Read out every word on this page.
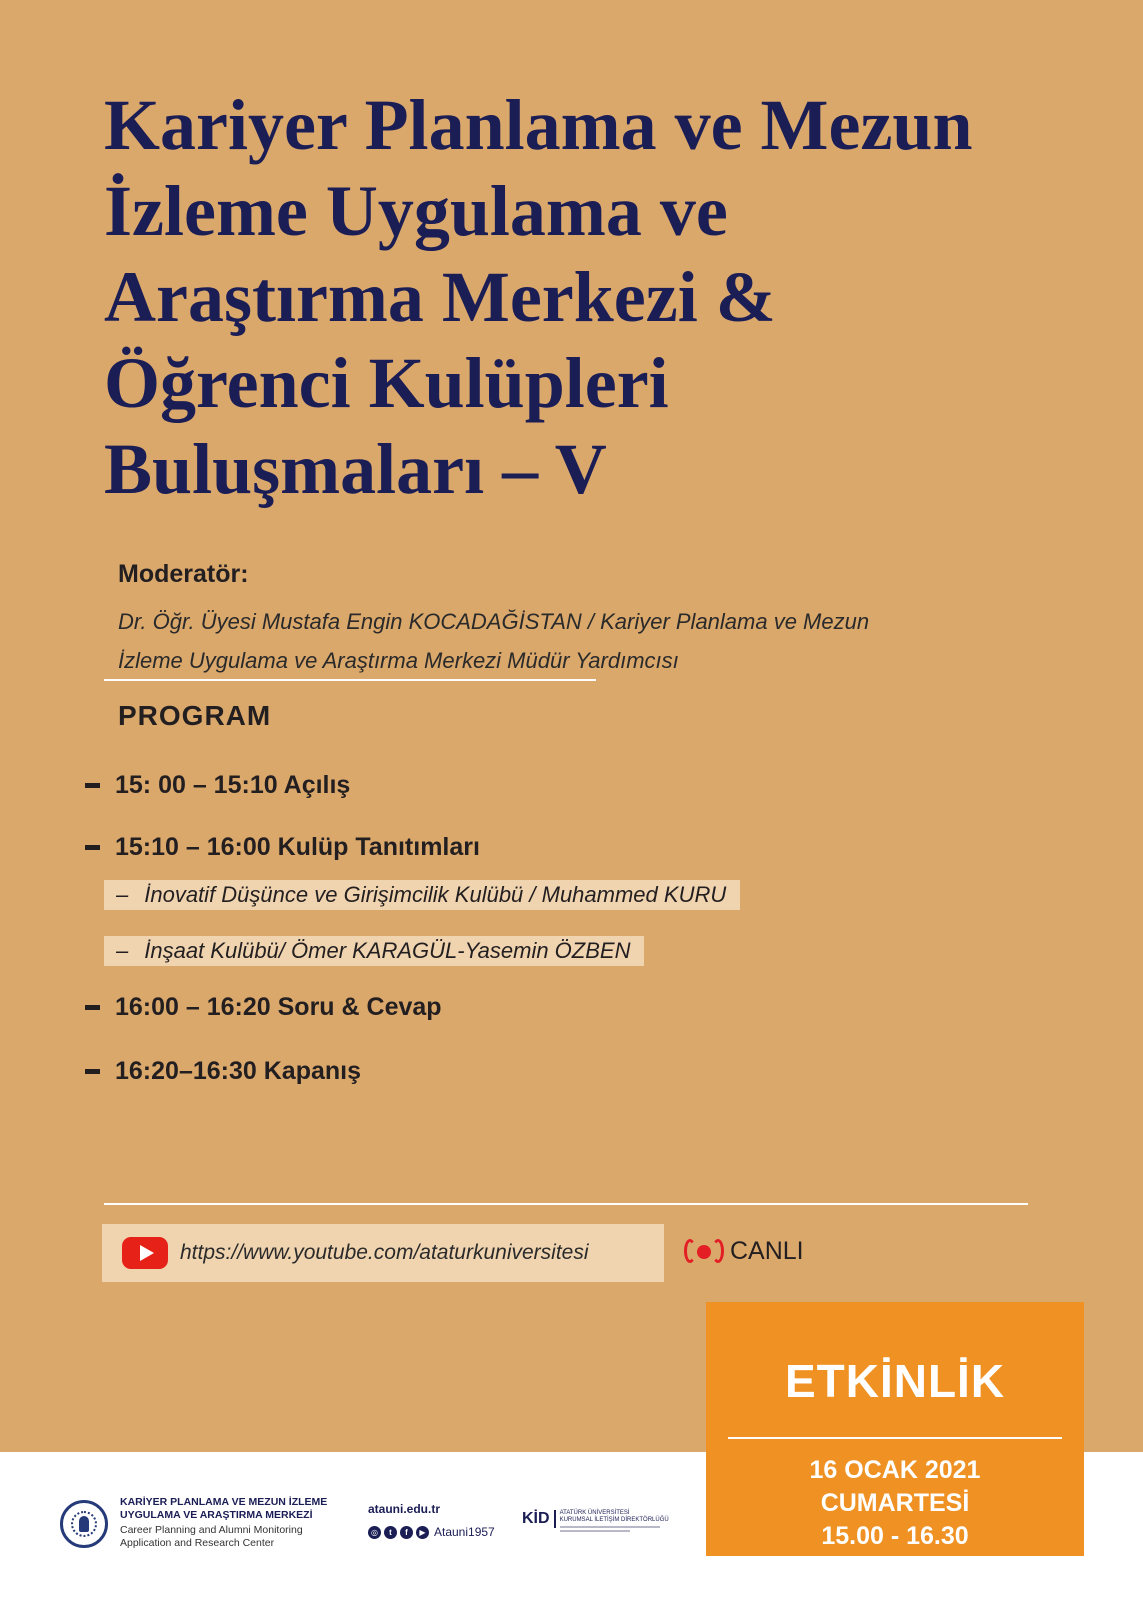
Kariyer Planlama ve Mezun
İzleme Uygulama ve
Araştırma Merkezi &
Öğrenci Kulüpleri
Buluşmaları – V
Moderatör:
Dr. Öğr. Üyesi Mustafa Engin KOCADAĞİSTAN / Kariyer Planlama ve Mezun
İzleme Uygulama ve Araştırma Merkezi Müdür Yardımcısı
PROGRAM
15: 00 – 15:10 Açılış
15:10 – 16:00 Kulüp Tanıtımları
– İnovatif Düşünce ve Girişimcilik Kulübü / Muhammed KURU
– İnşaat Kulübü/ Ömer KARAGÜL-Yasemin ÖZBEN
16:00 – 16:20 Soru & Cevap
16:20–16:30 Kapanış
https://www.youtube.com/ataturkuniversitesi	CANLI
KARİYER PLANLAMA VE MEZUN İZLEME
UYGULAMA VE ARAŞTIRMA MERKEZİ
Career Planning and Alumni Monitoring
Application and Research Center
atauni.edu.tr
◎	t	f	▶ Atauni1957
KİD	ATATÜRK ÜNİVERSİTESİ
KURUMSAL İLETİŞİM DİREKTÖRLÜĞÜ
ETKİNLİK
16 OCAK 2021
CUMARTESİ
15.00 - 16.30
